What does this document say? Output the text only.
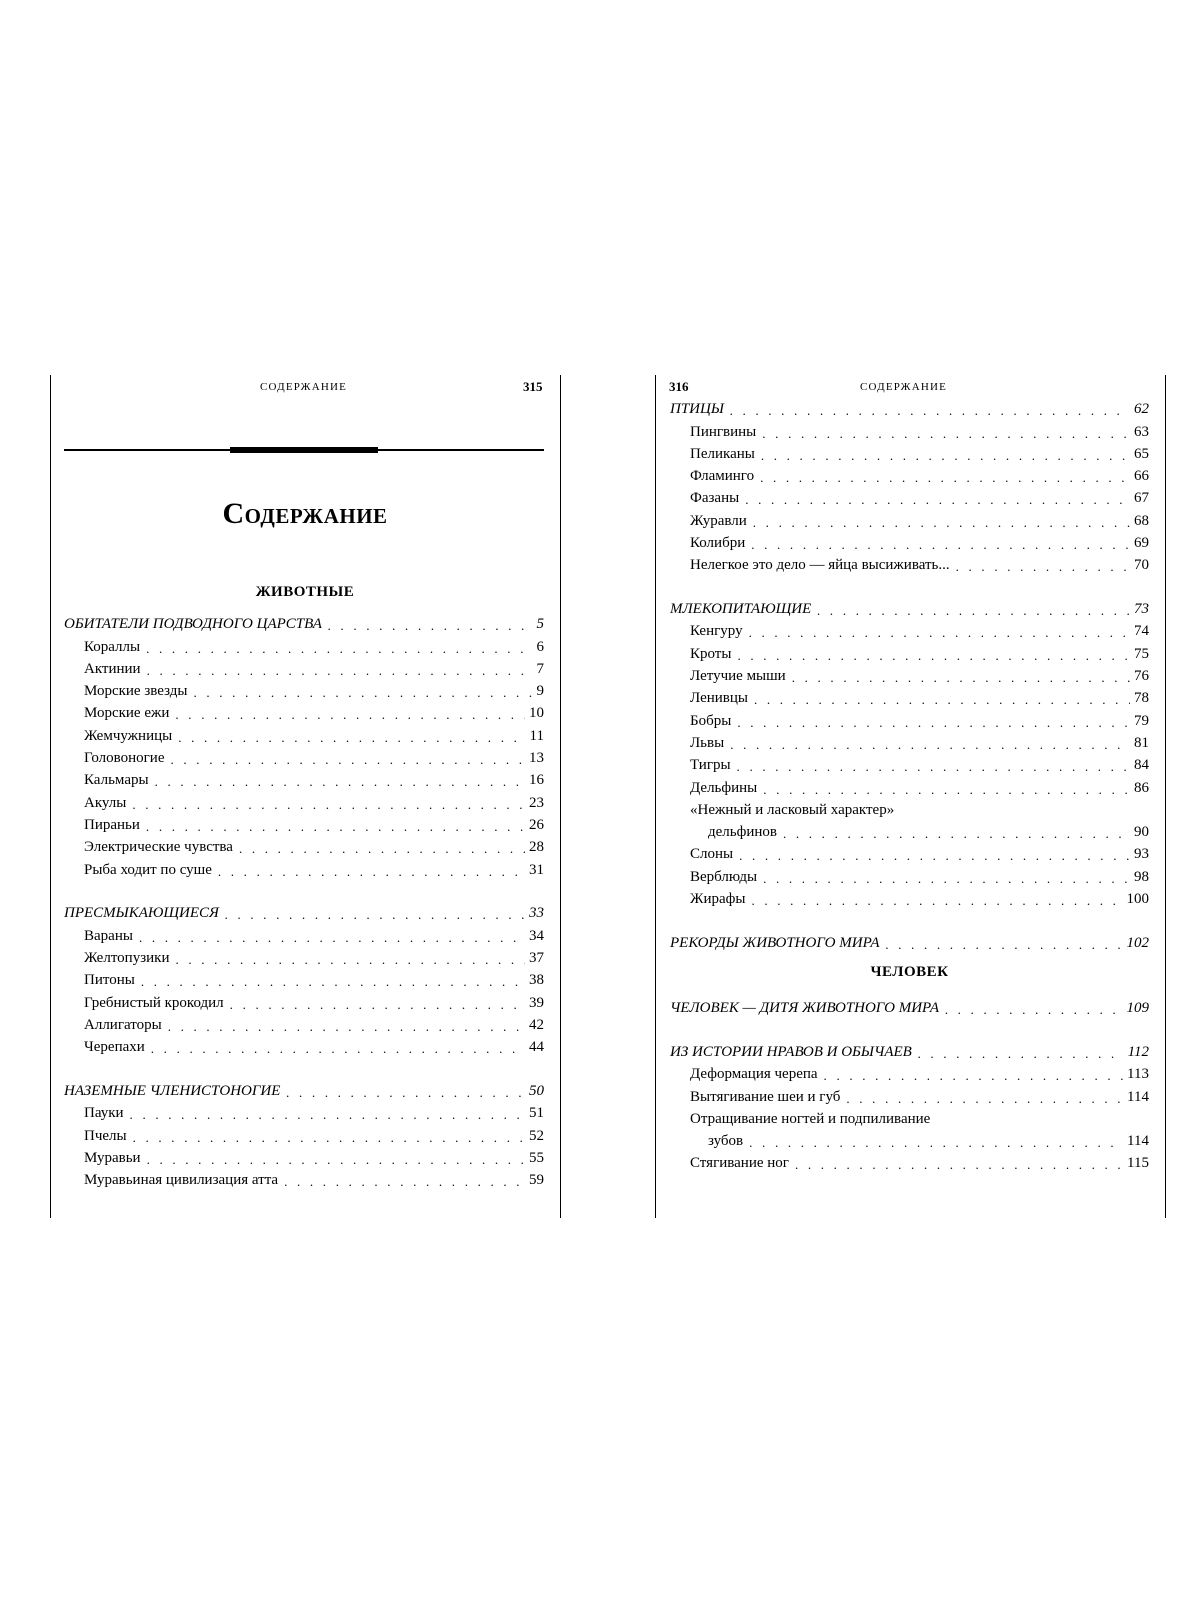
СОДЕРЖАНИЕ	315
Содержание
ЖИВОТНЫЕ
ОБИТАТЕЛИ ПОДВОДНОГО ЦАРСТВА . . .	5
Кораллы . . .	6
Актинии . . .	7
Морские звезды . . .	9
Морские ежи . . .	10
Жемчужницы . . .	11
Головоногие . . .	13
Кальмары . . .	16
Акулы . . .	23
Пираньи . . .	26
Электрические чувства . . .	28
Рыба ходит по суше . . .	31
ПРЕСМЫКАЮЩИЕСЯ . . .	33
Вараны . . .	34
Желтопузики . . .	37
Питоны . . .	38
Гребнистый крокодил . . .	39
Аллигаторы . . .	42
Черепахи . . .	44
НАЗЕМНЫЕ ЧЛЕНИСТОНОГИЕ . . .	50
Пауки . . .	51
Пчелы . . .	52
Муравьи . . .	55
Муравьиная цивилизация атта . . .	59
316	СОДЕРЖАНИЕ
ПТИЦЫ . . .	62
Пингвины . . .	63
Пеликаны . . .	65
Фламинго . . .	66
Фазаны . . .	67
Журавли . . .	68
Колибри . . .	69
Нелегкое это дело — яйца высиживать... . . .	70
МЛЕКОПИТАЮЩИЕ . . .	73
Кенгуру . . .	74
Кроты . . .	75
Летучие мыши . . .	76
Ленивцы . . .	78
Бобры . . .	79
Львы . . .	81
Тигры . . .	84
Дельфины . . .	86
«Нежный и ласковый характер»
дельфинов . . .	90
Слоны . . .	93
Верблюды . . .	98
Жирафы . . .	100
РЕКОРДЫ ЖИВОТНОГО МИРА . . .	102
ЧЕЛОВЕК
ЧЕЛОВЕК — ДИТЯ ЖИВОТНОГО МИРА . . .	109
ИЗ ИСТОРИИ НРАВОВ И ОБЫЧАЕВ . . .	112
Деформация черепа . . .	113
Вытягивание шеи и губ . . .	114
Отращивание ногтей и подпиливание
зубов . . .	114
Стягивание ног . . .	115
